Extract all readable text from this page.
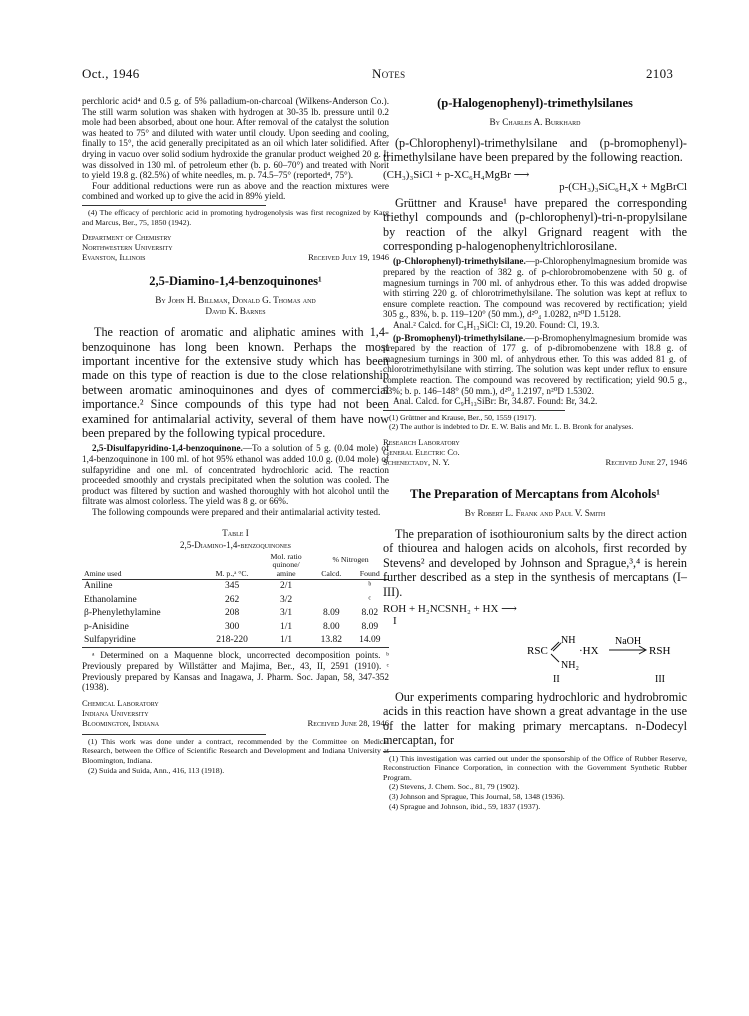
Oct., 1946	Notes	2103

perchloric acid⁴ and 0.5 g. of 5% palladium-on-charcoal (Wilkens-Anderson Co.). The still warm solution was shaken with hydrogen at 30-35 lb. pressure until 0.2 mole had been absorbed, about one hour. After removal of the catalyst the solution was heated to 75° and diluted with water until cloudy. Upon seeding and cooling, finally to 15°, the acid generally precipitated as an oil which later solidified. After drying in vacuo over solid sodium hydroxide the granular product weighed 20 g. It was dissolved in 130 ml. of petroleum ether (b. p. 60–70°) and treated with Norit to yield 19.8 g. (82.5%) of white needles, m. p. 74.5–75° (reported⁴, 75°).

Four additional reductions were run as above and the reaction mixtures were combined and worked up to give the acid in 89% yield.

(4) The efficacy of perchloric acid in promoting hydrogenolysis was first recognized by Karg and Marcus, Ber., 75, 1850 (1942).

Department of Chemistry
Northwestern University
Evanston, Illinois	Received July 19, 1946
2,5-Diamino-1,4-benzoquinones¹
By John H. Billman, Donald G. Thomas and
David K. Barnes

The reaction of aromatic and aliphatic amines with 1,4-benzoquinone has long been known. Perhaps the most important incentive for the extensive study which has been made on this type of reaction is due to the close relationship between aromatic aminoquinones and dyes of commercial importance.² Since compounds of this type had not been examined for antimalarial activity, several of them have now been prepared by the following typical procedure.

2,5-Disulfapyridino-1,4-benzoquinone.—To a solution of 5 g. (0.04 mole) of 1,4-benzoquinone in 100 ml. of hot 95% ethanol was added 10.0 g. (0.04 mole) of sulfapyridine and one ml. of concentrated hydrochloric acid. The reaction proceeded smoothly and crystals precipitated when the solution was cooled. The product was filtered by suction and washed thoroughly with hot alcohol until the filtrate was almost colorless. The yield was 8 g. or 66%.

The following compounds were prepared and their antimalarial activity tested.

Table I
2,5-Diamino-1,4-benzoquinones
Amine used	M. p.,ᵃ °C.	Mol. ratio quinone/ amine	% Nitrogen	
			Calcd.	Found
Aniline	345	2/1		ᵇ
Ethanolamine	262	3/2		ᶜ
β-Phenylethylamine	208	3/1	8.09	8.02
p-Anisidine	300	1/1	8.00	8.09
Sulfapyridine	218-220	1/1	13.82	14.09

ᵃ Determined on a Maquenne block, uncorrected decomposition points. ᵇ Previously prepared by Willstätter and Majima, Ber., 43, II, 2591 (1910). ᶜ Previously prepared by Kansas and Inagawa, J. Pharm. Soc. Japan, 58, 347-352 (1938).

Chemical Laboratory
Indiana University
Bloomington, Indiana	Received June 28, 1946

(1) This work was done under a contract, recommended by the Committee on Medical Research, between the Office of Scientific Research and Development and Indiana University at Bloomington, Indiana.

(2) Suida and Suida, Ann., 416, 113 (1918).

(p-Halogenophenyl)-trimethylsilanes
By Charles A. Burkhard

(p-Chlorophenyl)-trimethylsilane and (p-bromophenyl)-trimethylsilane have been prepared by the following reaction.

(CH₃)₃SiCl + p-XC₆H₄MgBr ⟶
p-(CH₃)₃SiC₆H₄X + MgBrCl

Grüttner and Krause¹ have prepared the corresponding triethyl compounds and (p-chlorophenyl)-tri-n-propylsilane by reaction of the alkyl Grignard reagent with the corresponding p-halogenophenyltrichlorosilane.

(p-Chlorophenyl)-trimethylsilane.—p-Chlorophenylmagnesium bromide was prepared by the reaction of 382 g. of p-chlorobromobenzene with 50 g. of magnesium turnings in 700 ml. of anhydrous ether. To this was added dropwise with stirring 220 g. of chlorotrimethylsilane. The solution was kept at reflux to ensure complete reaction. The compound was recovered by rectification; yield 305 g., 83%, b. p. 119–120° (50 mm.), d²⁰₄ 1.0282, n²⁰D 1.5128.

Anal.² Calcd. for C₉H₁₃SiCl: Cl, 19.20. Found: Cl, 19.3.

(p-Bromophenyl)-trimethylsilane.—p-Bromophenylmagnesium bromide was prepared by the reaction of 177 g. of p-dibromobenzene with 18.8 g. of magnesium turnings in 300 ml. of anhydrous ether. To this was added 81 g. of chlorotrimethylsilane with stirring. The solution was kept under reflux to ensure complete reaction. The compound was recovered by rectification; yield 90.5 g., 53%; b. p. 146–148° (50 mm.), d²⁰₄ 1.2197, n²⁰D 1.5302.

Anal. Calcd. for C₉H₁₃SiBr: Br, 34.87. Found: Br, 34.2.

(1) Grüttner and Krause, Ber., 50, 1559 (1917).

(2) The author is indebted to Dr. E. W. Balis and Mr. L. B. Bronk for analyses.

Research Laboratory
General Electric Co.
Schenectady, N. Y.	Received June 27, 1946
The Preparation of Mercaptans from Alcohols¹
By Robert L. Frank and Paul V. Smith

The preparation of isothiouronium salts by the direct action of thiourea and halogen acids on alcohols, first recorded by Stevens² and developed by Johnson and Sprague,³,⁴ is herein further described as a step in the synthesis of mercaptans (I–III).

ROH + H₂NCSNH₂ + HX ⟶
I
RSC
NH
NH₂
·HX
NaOH
RSH
II	III

Our experiments comparing hydrochloric and hydrobromic acids in this reaction have shown a great advantage in the use of the latter for making primary mercaptans. n-Dodecyl mercaptan, for

(1) This investigation was carried out under the sponsorship of the Office of Rubber Reserve, Reconstruction Finance Corporation, in connection with the Government Synthetic Rubber Program.

(2) Stevens, J. Chem. Soc., 81, 79 (1902).

(3) Johnson and Sprague, This Journal, 58, 1348 (1936).

(4) Sprague and Johnson, ibid., 59, 1837 (1937).
